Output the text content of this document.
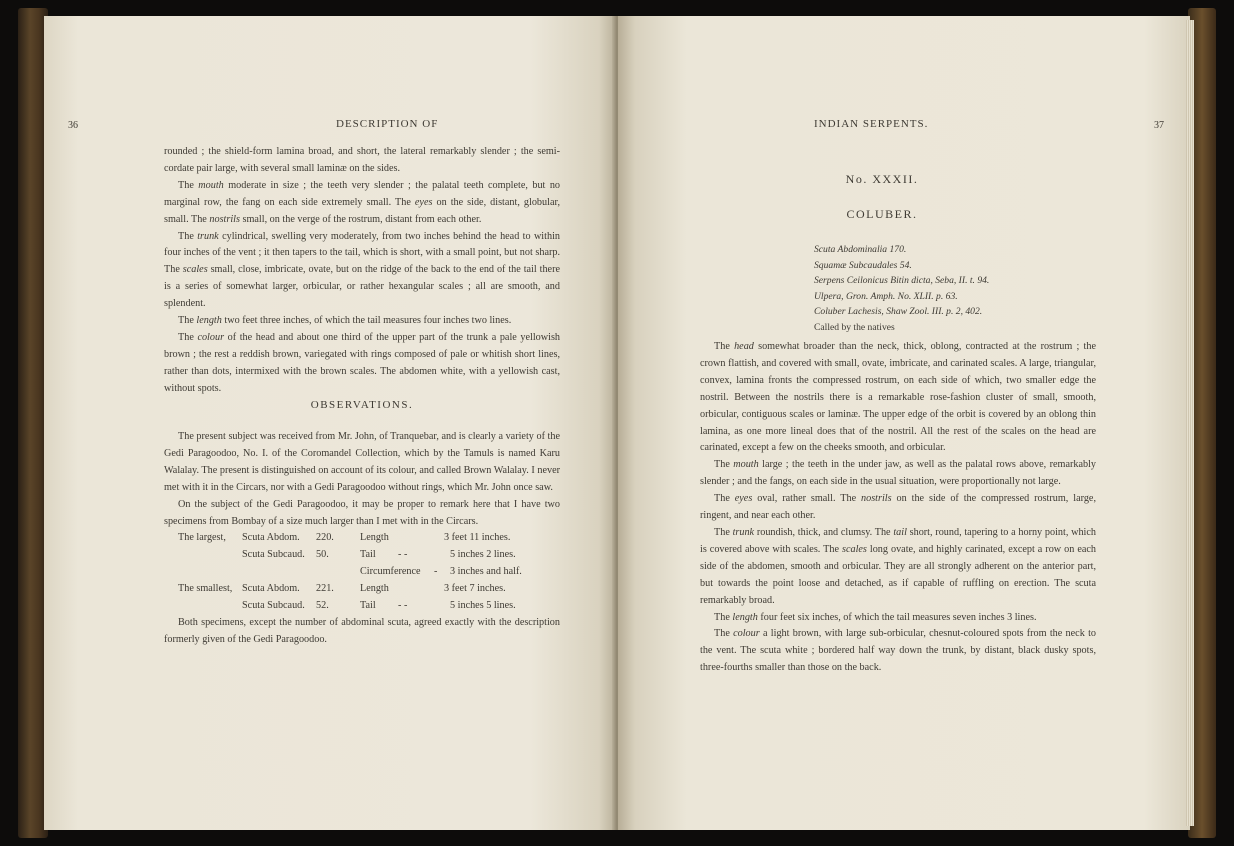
36	DESCRIPTION OF

rounded ; the shield-form lamina broad, and short, the lateral remarkably slender ; the semi-cordate pair large, with several small laminæ on the sides.

The mouth moderate in size ; the teeth very slender ; the palatal teeth complete, but no marginal row, the fang on each side extremely small. The eyes on the side, distant, globular, small. The nostrils small, on the verge of the rostrum, distant from each other.

The trunk cylindrical, swelling very moderately, from two inches behind the head to within four inches of the vent ; it then tapers to the tail, which is short, with a small point, but not sharp. The scales small, close, imbricate, ovate, but on the ridge of the back to the end of the tail there is a series of somewhat larger, orbicular, or rather hexangular scales ; all are smooth, and splendent.

The length two feet three inches, of which the tail measures four inches two lines.

The colour of the head and about one third of the upper part of the trunk a pale yellowish brown ; the rest a reddish brown, variegated with rings composed of pale or whitish short lines, rather than dots, intermixed with the brown scales. The abdomen white, with a yellowish cast, without spots.

OBSERVATIONS.

The present subject was received from Mr. John, of Tranquebar, and is clearly a variety of the Gedi Paragoodoo, No. I. of the Coromandel Collection, which by the Tamuls is named Karu Walalay. The present is distinguished on account of its colour, and called Brown Walalay. I never met with it in the Circars, nor with a Gedi Paragoodoo without rings, which Mr. John once saw.

On the subject of the Gedi Paragoodoo, it may be proper to remark here that I have two specimens from Bombay of a size much larger than I met with in the Circars.

The largest, Scuta Abdom. 220.	Length	3 feet 11 inches.
Scuta Subcaud. 50.	Tail - -	5 inches 2 lines.
Circumference - 3 inches and half.
The smallest, Scuta Abdom. 221.	Length	3 feet 7 inches.
Scuta Subcaud. 52.	Tail - -	5 inches 5 lines.

Both specimens, except the number of abdominal scuta, agreed exactly with the description formerly given of the Gedi Paragoodoo.

INDIAN SERPENTS.	37
No. XXXII.
COLUBER.
Scuta Abdominalia 170.
Squamæ Subcaudales 54.
Serpens Ceilonicus Bitin dicta, Seba, II. t. 94.
Ulpera, Gron. Amph. No. XLII. p. 63.
Coluber Lachesis, Shaw Zool. III. p. 2, 402.
Called by the natives

The head somewhat broader than the neck, thick, oblong, contracted at the rostrum ; the crown flattish, and covered with small, ovate, imbricate, and carinated scales. A large, triangular, convex, lamina fronts the compressed rostrum, on each side of which, two smaller edge the nostril. Between the nostrils there is a remarkable rose-fashion cluster of small, smooth, orbicular, contiguous scales or laminæ. The upper edge of the orbit is covered by an oblong thin lamina, as one more lineal does that of the nostril. All the rest of the scales on the head are carinated, except a few on the cheeks smooth, and orbicular.

The mouth large ; the teeth in the under jaw, as well as the palatal rows above, remarkably slender ; and the fangs, on each side in the usual situation, were proportionally not large.

The eyes oval, rather small. The nostrils on the side of the compressed rostrum, large, ringent, and near each other.

The trunk roundish, thick, and clumsy. The tail short, round, tapering to a horny point, which is covered above with scales. The scales long ovate, and highly carinated, except a row on each side of the abdomen, smooth and orbicular. They are all strongly adherent on the anterior part, but towards the point loose and detached, as if capable of ruffling on erection. The scuta remarkably broad.

The length four feet six inches, of which the tail measures seven inches 3 lines.

The colour a light brown, with large sub-orbicular, chesnut-coloured spots from the neck to the vent. The scuta white ; bordered half way down the trunk, by distant, black dusky spots, three-fourths smaller than those on the back.
